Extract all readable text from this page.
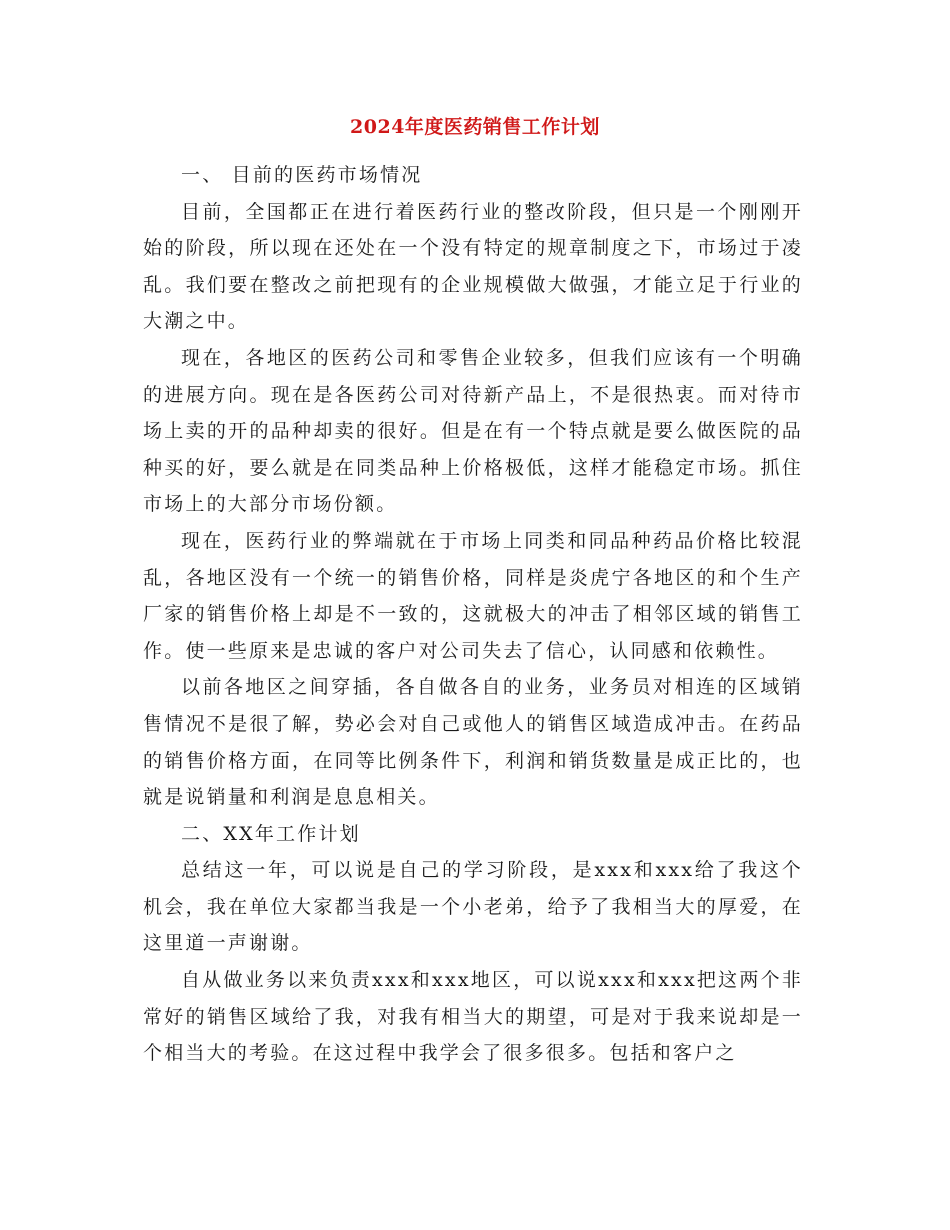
2024年度医药销售工作计划

一、 目前的医药市场情况

目前，全国都正在进行着医药行业的整改阶段，但只是一个刚刚开始的阶段，所以现在还处在一个没有特定的规章制度之下，市场过于凌乱。我们要在整改之前把现有的企业规模做大做强，才能立足于行业的大潮之中。

现在，各地区的医药公司和零售企业较多，但我们应该有一个明确的进展方向。现在是各医药公司对待新产品上，不是很热衷。而对待市场上卖的开的品种却卖的很好。但是在有一个特点就是要么做医院的品种买的好，要么就是在同类品种上价格极低，这样才能稳定市场。抓住市场上的大部分市场份额。

现在，医药行业的弊端就在于市场上同类和同品种药品价格比较混乱，各地区没有一个统一的销售价格，同样是炎虎宁各地区的和个生产厂家的销售价格上却是不一致的，这就极大的冲击了相邻区域的销售工作。使一些原来是忠诚的客户对公司失去了信心，认同感和依赖性。

以前各地区之间穿插，各自做各自的业务，业务员对相连的区域销售情况不是很了解，势必会对自己或他人的销售区域造成冲击。在药品的销售价格方面，在同等比例条件下，利润和销货数量是成正比的，也就是说销量和利润是息息相关。

二、XX年工作计划

总结这一年，可以说是自己的学习阶段，是xxx和xxx给了我这个机会，我在单位大家都当我是一个小老弟，给予了我相当大的厚爱，在这里道一声谢谢。

自从做业务以来负责xxx和xxx地区，可以说xxx和xxx把这两个非常好的销售区域给了我，对我有相当大的期望，可是对于我来说却是一个相当大的考验。在这过程中我学会了很多很多。包括和客户之
